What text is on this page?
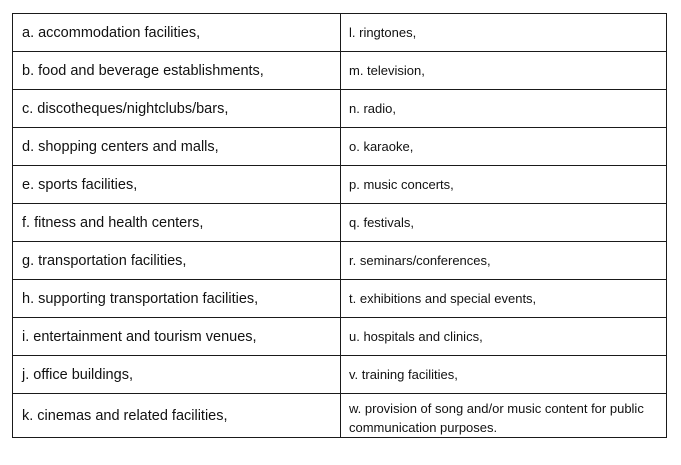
a. accommodation facilities,	l. ringtones,
b. food and beverage establishments,	m. television,
c. discotheques/nightclubs/bars,	n. radio,
d. shopping centers and malls,	o. karaoke,
e. sports facilities,	p. music concerts,
f. fitness and health centers,	q. festivals,
g. transportation facilities,	r. seminars/conferences,
h. supporting transportation facilities,	t. exhibitions and special events,
i. entertainment and tourism venues,	u. hospitals and clinics,
j. office buildings,	v. training facilities,
k. cinemas and related facilities,	w. provision of song and/or music content for public communication purposes.
